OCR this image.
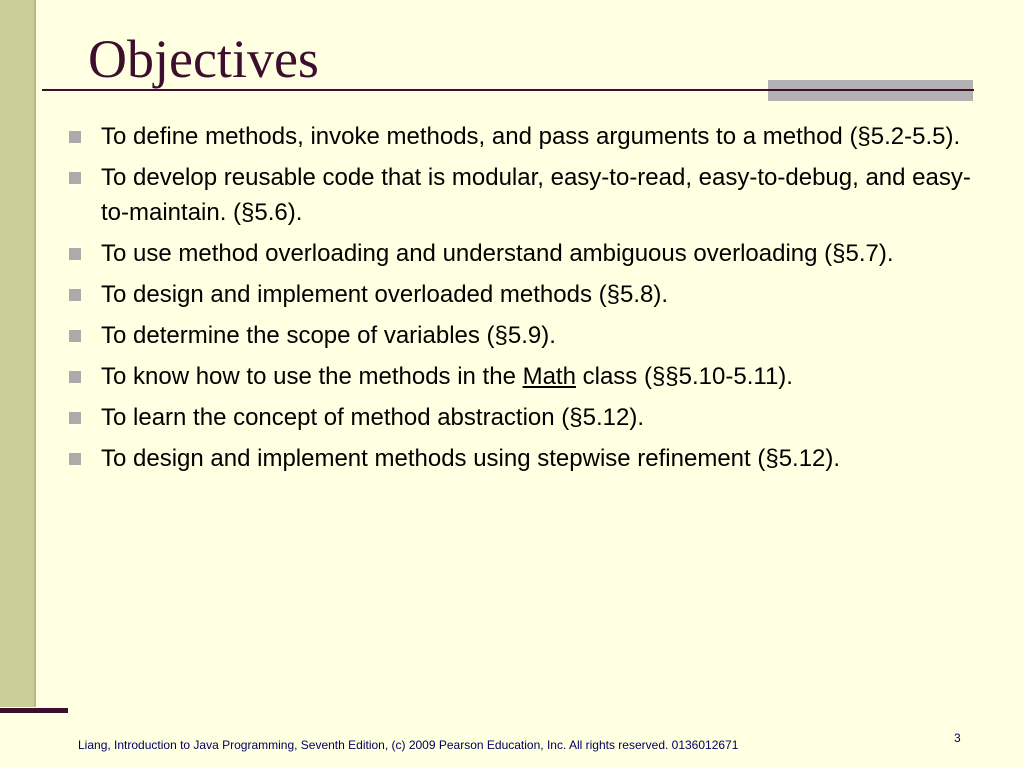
Objectives
To define methods, invoke methods, and pass arguments to a method (§5.2-5.5).
To develop reusable code that is modular, easy-to-read, easy-to-debug, and easy-to-maintain. (§5.6).
To use method overloading and understand ambiguous overloading (§5.7).
To design and implement overloaded methods (§5.8).
To determine the scope of variables (§5.9).
To know how to use the methods in the Math class (§§5.10-5.11).
To learn the concept of method abstraction (§5.12).
To design and implement methods using stepwise refinement (§5.12).

Liang, Introduction to Java Programming, Seventh Edition, (c) 2009 Pearson Education, Inc. All rights reserved. 0136012671	3
